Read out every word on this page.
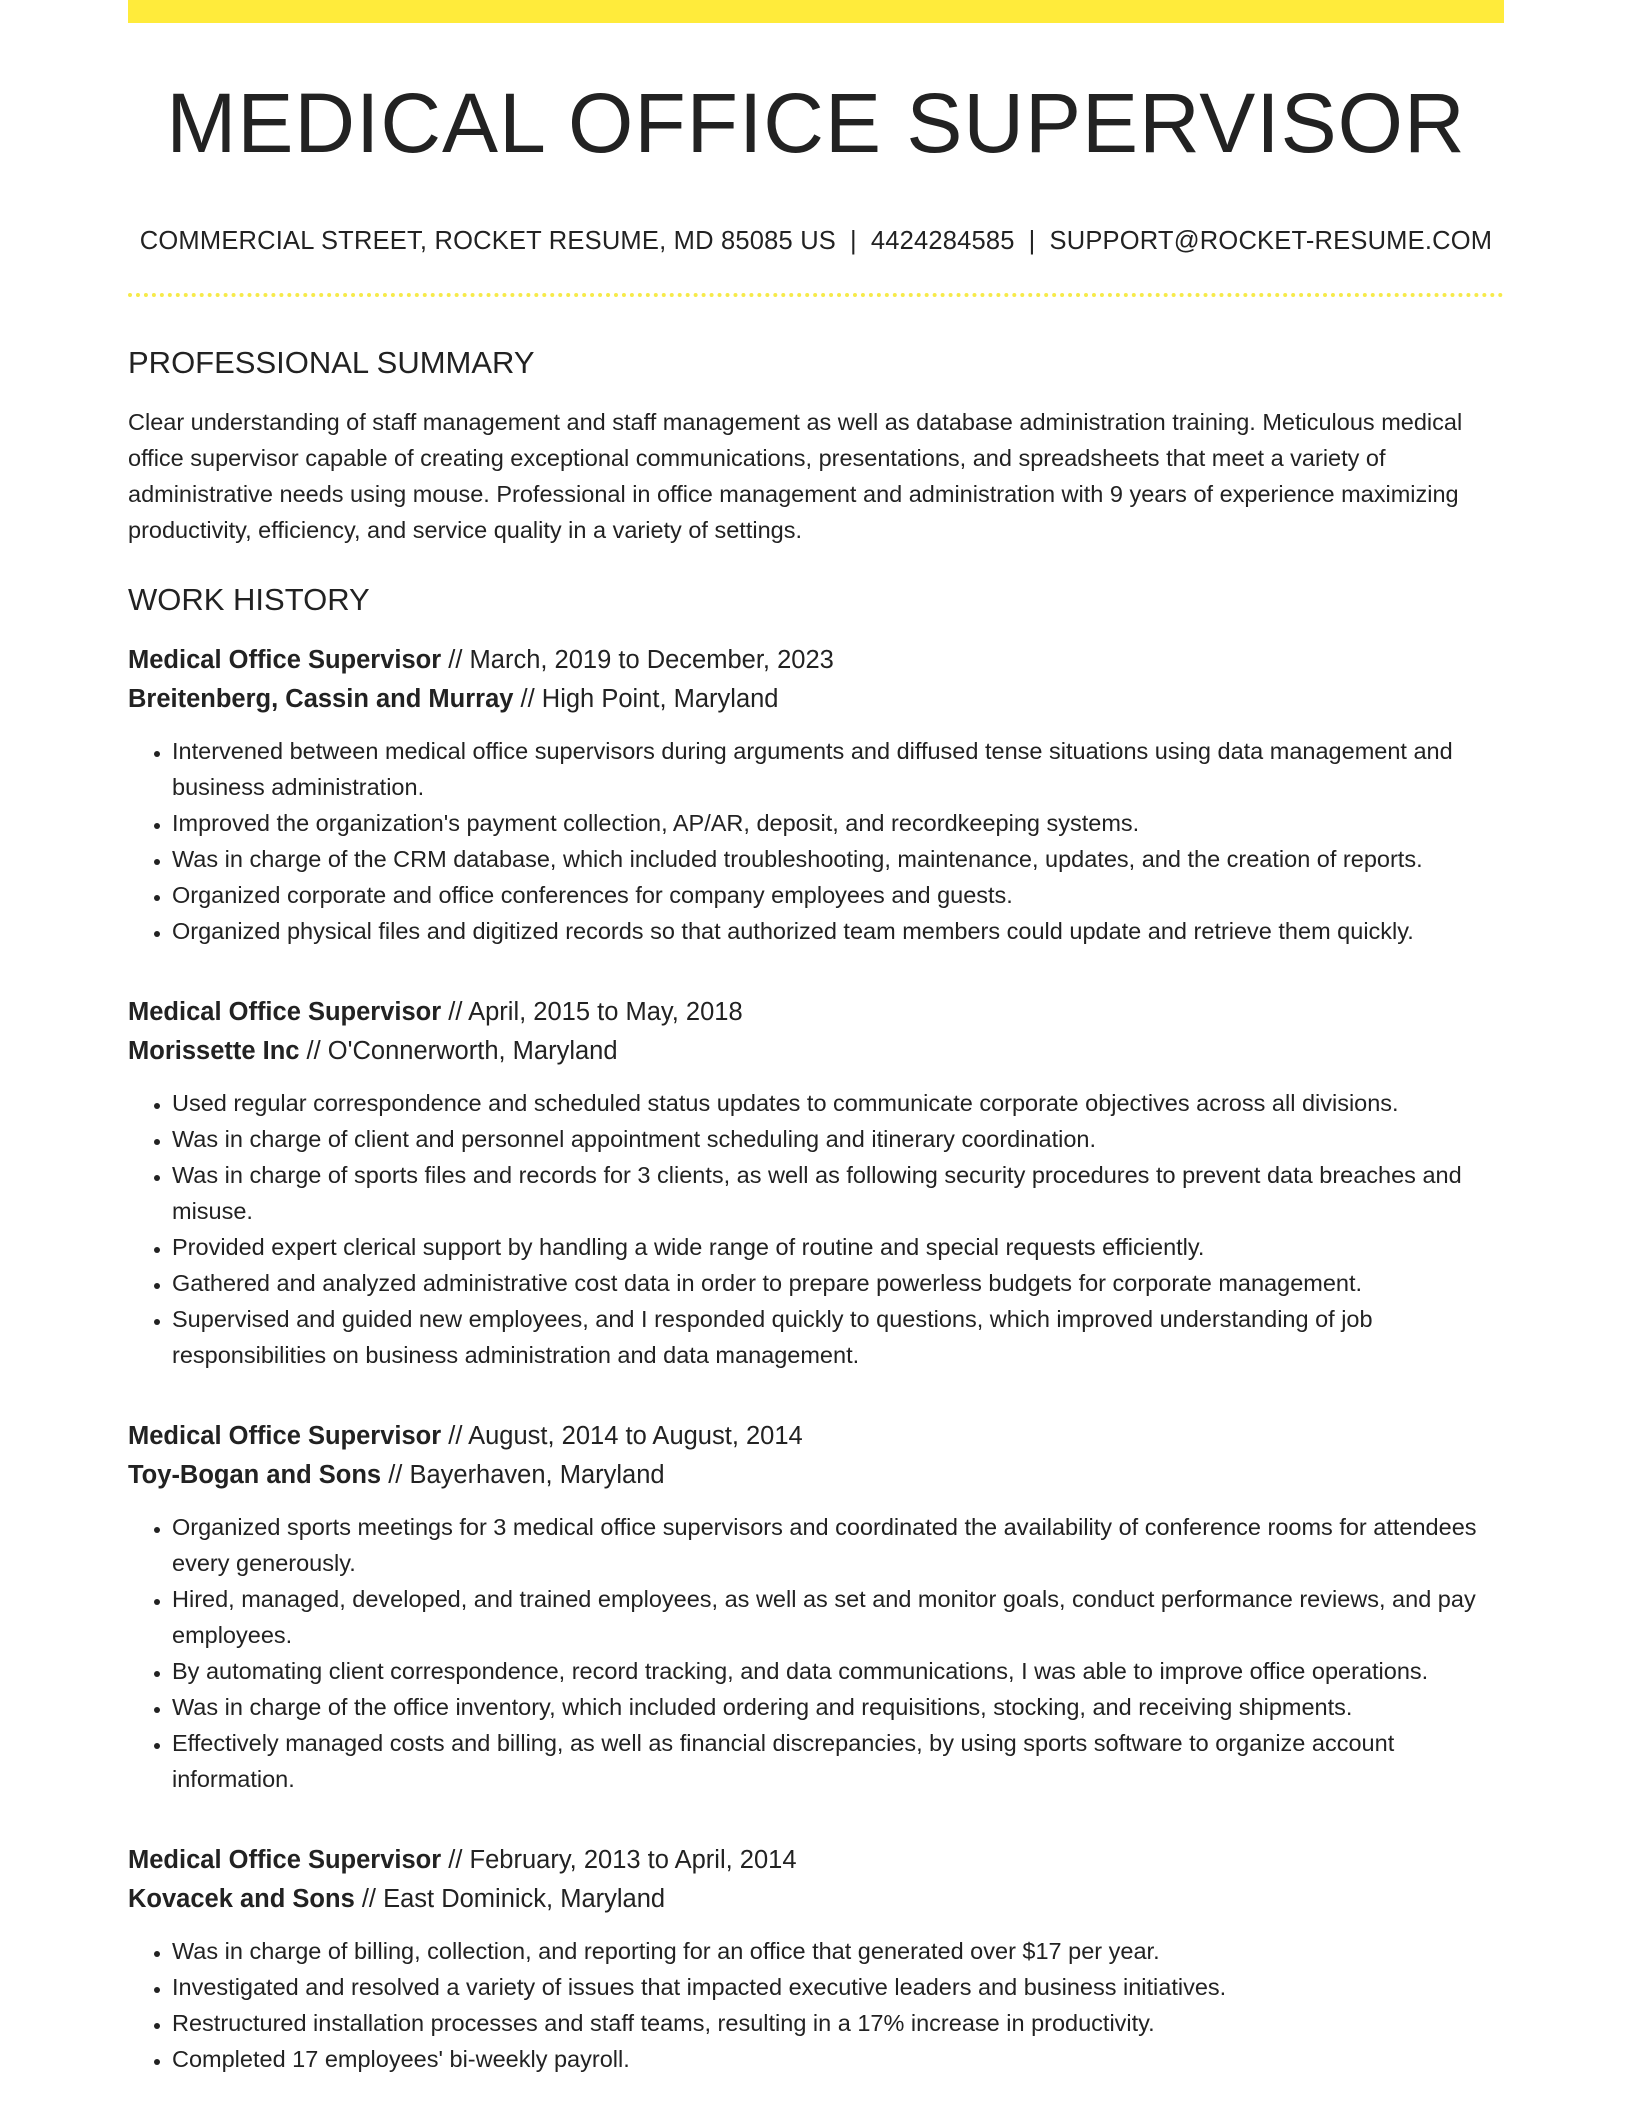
MEDICAL OFFICE SUPERVISOR
COMMERCIAL STREET, ROCKET RESUME, MD 85085 US | 4424284585 | SUPPORT@ROCKET-RESUME.COM
PROFESSIONAL SUMMARY

Clear understanding of staff management and staff management as well as database administration training. Meticulous medical office supervisor capable of creating exceptional communications, presentations, and spreadsheets that meet a variety of administrative needs using mouse. Professional in office management and administration with 9 years of experience maximizing productivity, efficiency, and service quality in a variety of settings.

WORK HISTORY
Medical Office Supervisor // March, 2019 to December, 2023
Breitenberg, Cassin and Murray // High Point, Maryland
• Intervened between medical office supervisors during arguments and diffused tense situations using data management and business administration.
• Improved the organization's payment collection, AP/AR, deposit, and recordkeeping systems.
• Was in charge of the CRM database, which included troubleshooting, maintenance, updates, and the creation of reports.
• Organized corporate and office conferences for company employees and guests.
• Organized physical files and digitized records so that authorized team members could update and retrieve them quickly.
Medical Office Supervisor // April, 2015 to May, 2018
Morissette Inc // O'Connerworth, Maryland
• Used regular correspondence and scheduled status updates to communicate corporate objectives across all divisions.
• Was in charge of client and personnel appointment scheduling and itinerary coordination.
• Was in charge of sports files and records for 3 clients, as well as following security procedures to prevent data breaches and misuse.
• Provided expert clerical support by handling a wide range of routine and special requests efficiently.
• Gathered and analyzed administrative cost data in order to prepare powerless budgets for corporate management.
• Supervised and guided new employees, and I responded quickly to questions, which improved understanding of job responsibilities on business administration and data management.
Medical Office Supervisor // August, 2014 to August, 2014
Toy-Bogan and Sons // Bayerhaven, Maryland
• Organized sports meetings for 3 medical office supervisors and coordinated the availability of conference rooms for attendees every generously.
• Hired, managed, developed, and trained employees, as well as set and monitor goals, conduct performance reviews, and pay employees.
• By automating client correspondence, record tracking, and data communications, I was able to improve office operations.
• Was in charge of the office inventory, which included ordering and requisitions, stocking, and receiving shipments.
• Effectively managed costs and billing, as well as financial discrepancies, by using sports software to organize account information.
Medical Office Supervisor // February, 2013 to April, 2014
Kovacek and Sons // East Dominick, Maryland
• Was in charge of billing, collection, and reporting for an office that generated over $17 per year.
• Investigated and resolved a variety of issues that impacted executive leaders and business initiatives.
• Restructured installation processes and staff teams, resulting in a 17% increase in productivity.
• Completed 17 employees' bi-weekly payroll.
